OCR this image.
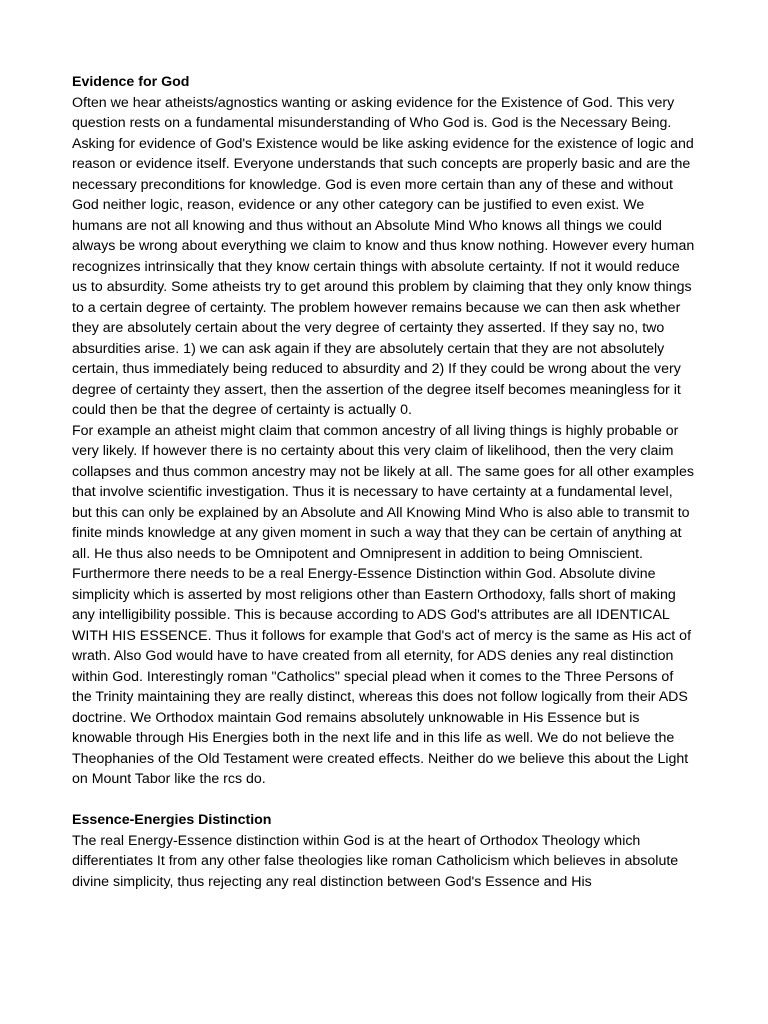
Evidence for God

Often we hear atheists/agnostics wanting or asking evidence for the Existence of God. This very question rests on a fundamental misunderstanding of Who God is. God is the Necessary Being. Asking for evidence of God's Existence would be like asking evidence for the existence of logic and reason or evidence itself. Everyone understands that such concepts are properly basic and are the necessary preconditions for knowledge. God is even more certain than any of these and without God neither logic, reason, evidence or any other category can be justified to even exist. We humans are not all knowing and thus without an Absolute Mind Who knows all things we could always be wrong about everything we claim to know and thus know nothing. However every human recognizes intrinsically that they know certain things with absolute certainty. If not it would reduce us to absurdity. Some atheists try to get around this problem by claiming that they only know things to a certain degree of certainty. The problem however remains because we can then ask whether they are absolutely certain about the very degree of certainty they asserted. If they say no, two absurdities arise. 1) we can ask again if they are absolutely certain that they are not absolutely certain, thus immediately being reduced to absurdity and 2) If they could be wrong about the very degree of certainty they assert, then the assertion of the degree itself becomes meaningless for it could then be that the degree of certainty is actually 0.

For example an atheist might claim that common ancestry of all living things is highly probable or very likely. If however there is no certainty about this very claim of likelihood, then the very claim collapses and thus common ancestry may not be likely at all. The same goes for all other examples that involve scientific investigation. Thus it is necessary to have certainty at a fundamental level, but this can only be explained by an Absolute and All Knowing Mind Who is also able to transmit to finite minds knowledge at any given moment in such a way that they can be certain of anything at all. He thus also needs to be Omnipotent and Omnipresent in addition to being Omniscient. Furthermore there needs to be a real Energy-Essence Distinction within God. Absolute divine simplicity which is asserted by most religions other than Eastern Orthodoxy, falls short of making any intelligibility possible. This is because according to ADS God's attributes are all IDENTICAL WITH HIS ESSENCE. Thus it follows for example that God's act of mercy is the same as His act of wrath. Also God would have to have created from all eternity, for ADS denies any real distinction within God. Interestingly roman "Catholics" special plead when it comes to the Three Persons of the Trinity maintaining they are really distinct, whereas this does not follow logically from their ADS doctrine. We Orthodox maintain God remains absolutely unknowable in His Essence but is knowable through His Energies both in the next life and in this life as well. We do not believe the Theophanies of the Old Testament were created effects. Neither do we believe this about the Light on Mount Tabor like the rcs do.

Essence-Energies Distinction

The real Energy-Essence distinction within God is at the heart of Orthodox Theology which differentiates It from any other false theologies like roman Catholicism which believes in absolute divine simplicity, thus rejecting any real distinction between God's Essence and His
